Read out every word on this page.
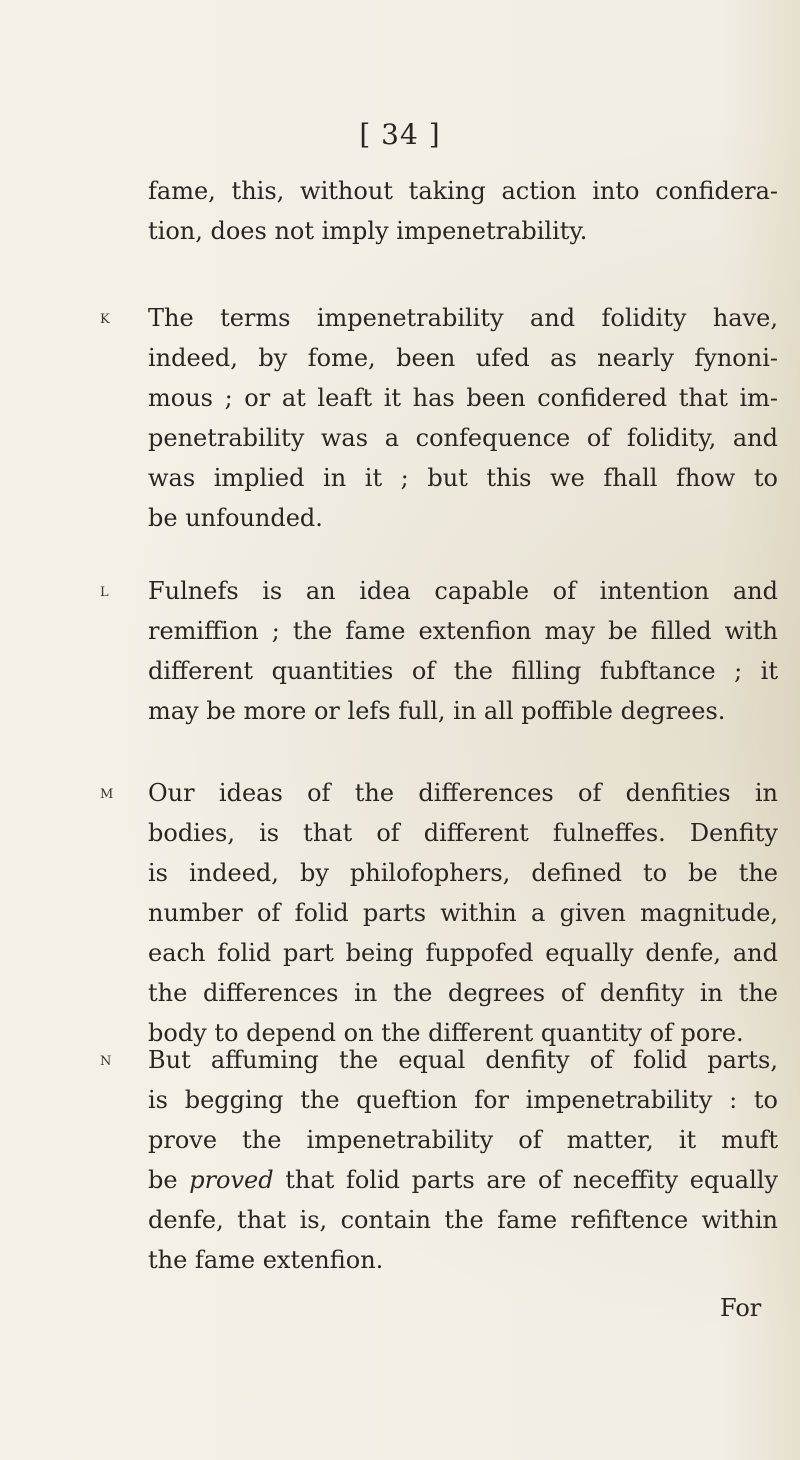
[ 34 ]
fame, this, without taking action into confidera-
tion, does not imply impenetrability.
K The terms impenetrability and folidity have,
indeed, by fome, been ufed as nearly fynoni-
mous ; or at leaft it has been confidered that im-
penetrability was a confequence of folidity, and
was implied in it ; but this we fhall fhow to
be unfounded.
L Fulnefs is an idea capable of intention and
remiffion ; the fame extenfion may be filled with
different quantities of the filling fubftance ; it
may be more or lefs full, in all poffible degrees.
M Our ideas of the differences of denfities in
bodies, is that of different fulneffes. Denfity
is indeed, by philofophers, defined to be the
number of folid parts within a given magnitude,
each folid part being fuppofed equally denfe, and
the differences in the degrees of denfity in the
body to depend on the different quantity of pore.
N But affuming the equal denfity of folid parts,
is begging the queftion for impenetrability : to
prove the impenetrability of matter, it muft
be proved that folid parts are of neceffity equally
denfe, that is, contain the fame refiftence within
the fame extenfion.
For
